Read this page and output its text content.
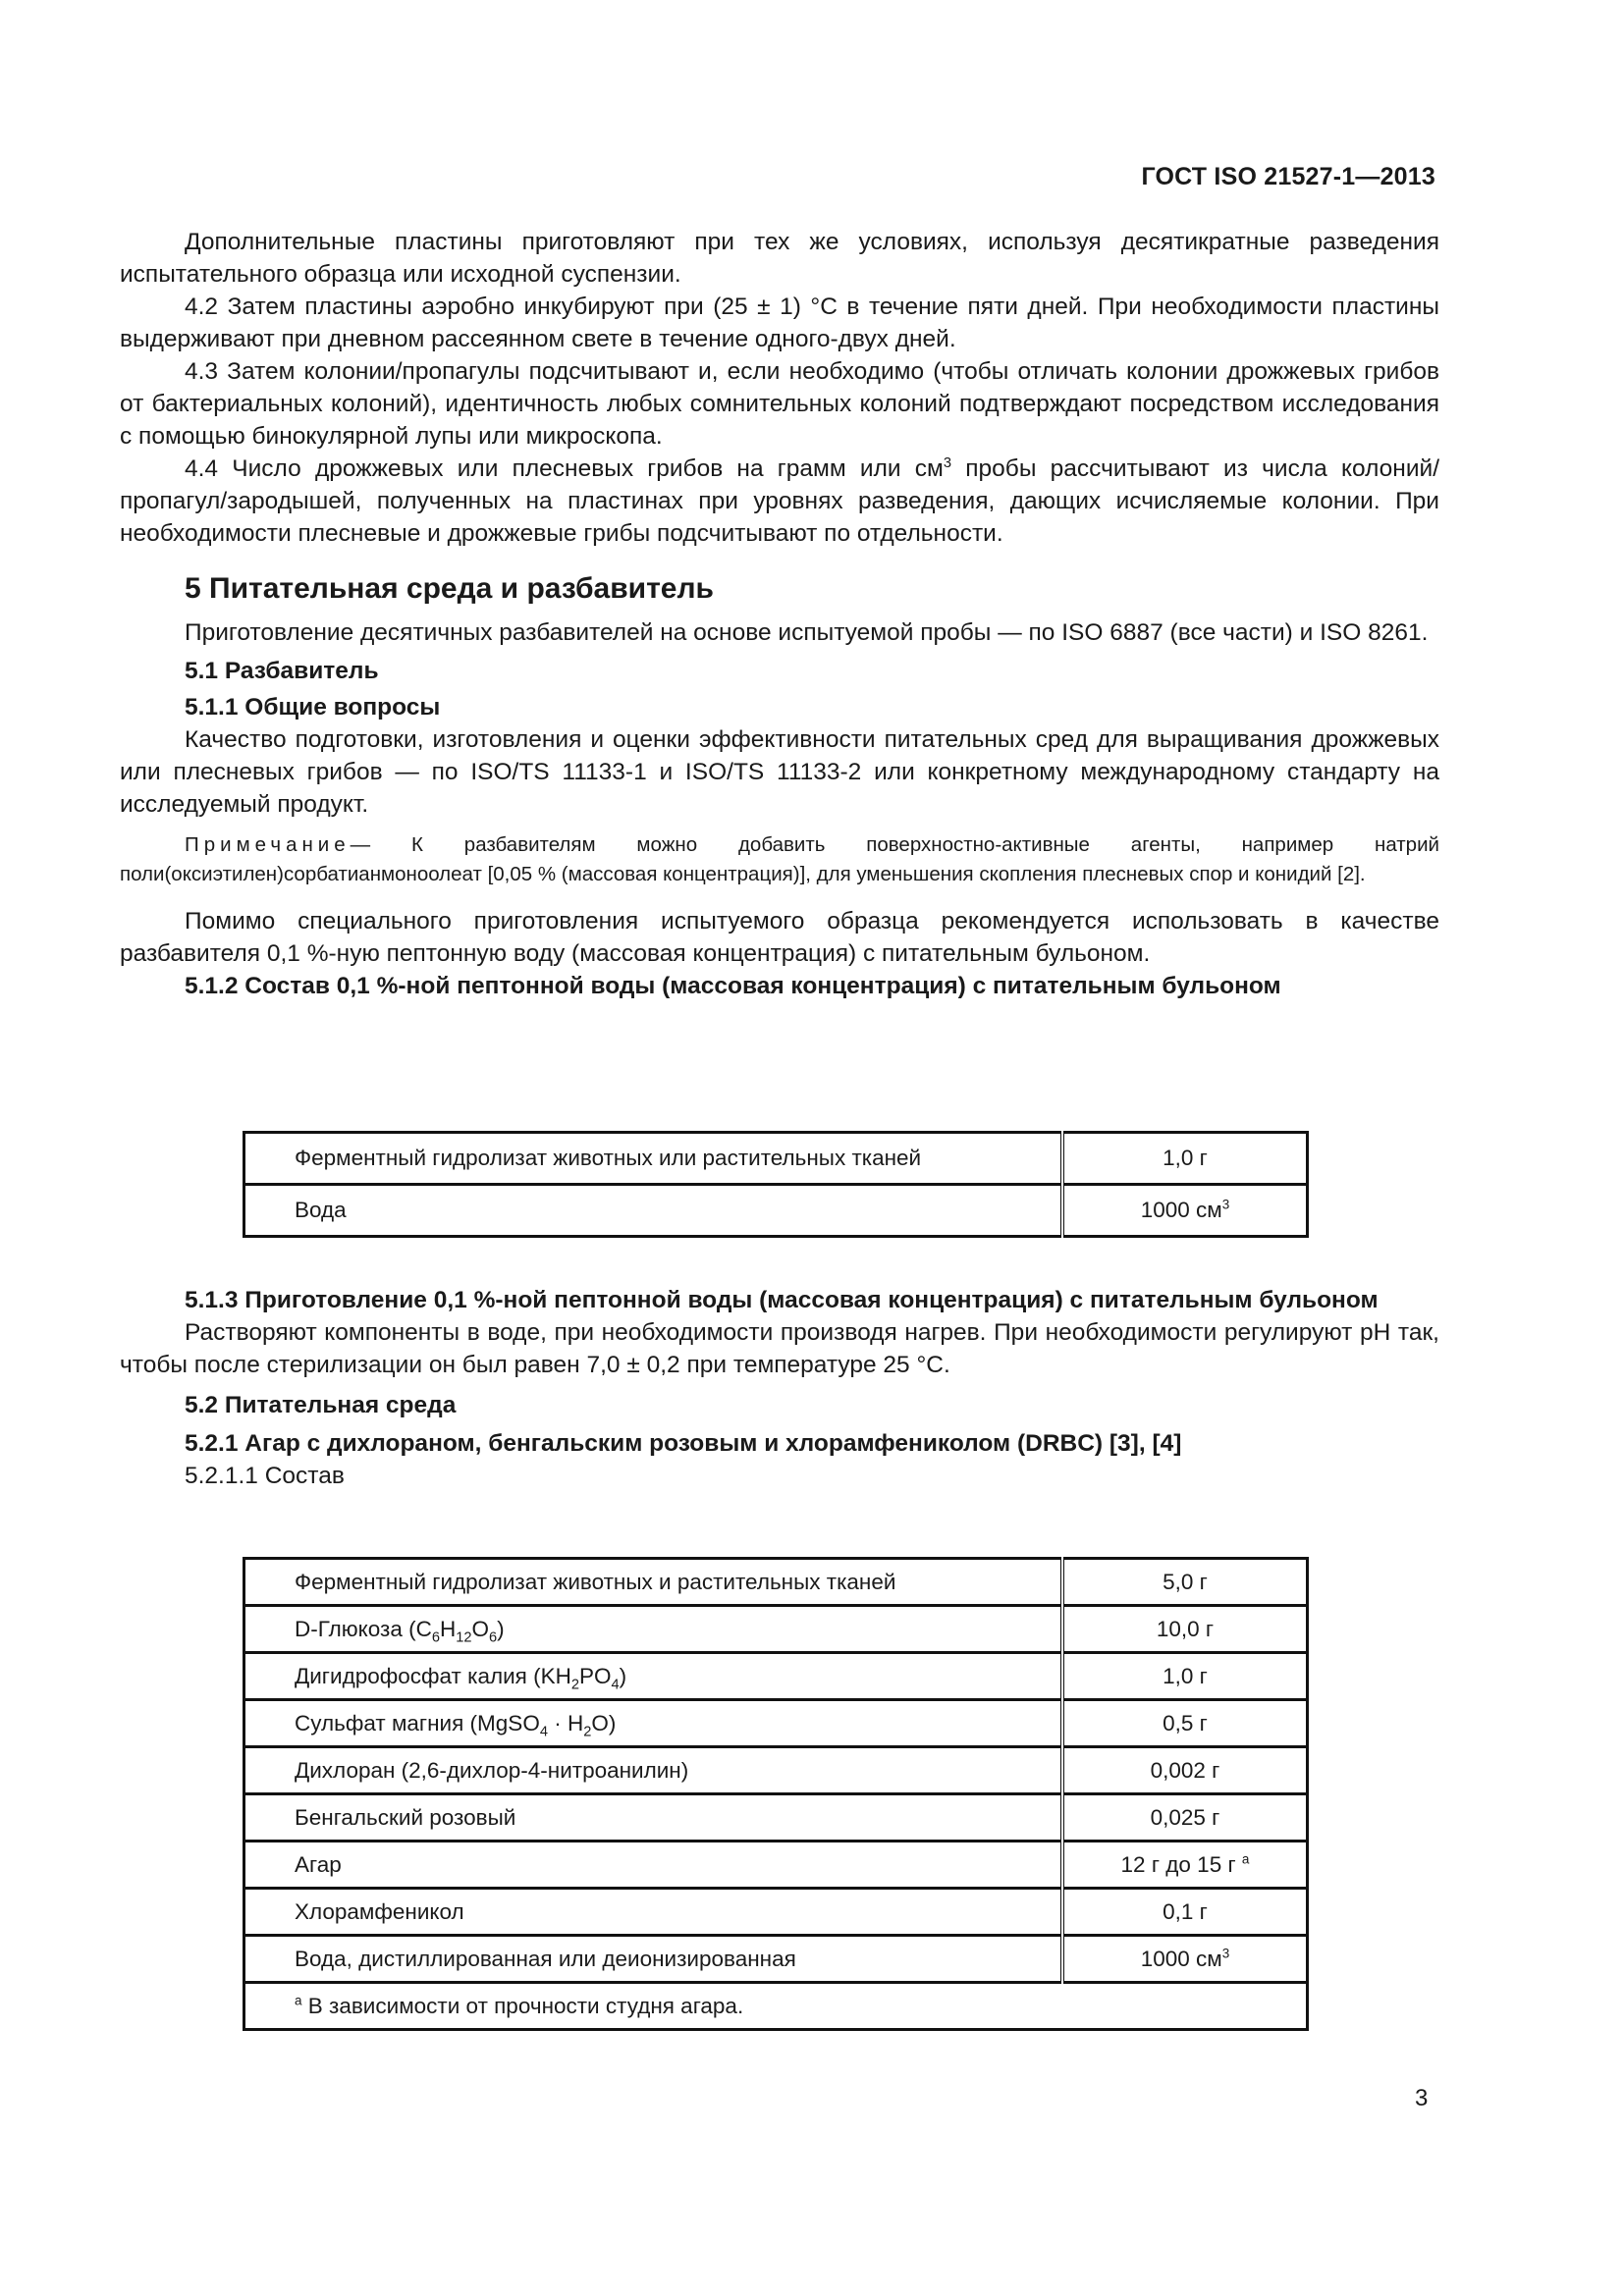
ГОСТ ISO 21527-1—2013

Дополнительные пластины приготовляют при тех же условиях, используя десятикратные разведения испытательного образца или исходной суспензии.

4.2 Затем пластины аэробно инкубируют при (25 ± 1) °С в течение пяти дней. При необходимости пластины выдерживают при дневном рассеянном свете в течение одного-двух дней.

4.3 Затем колонии/пропагулы подсчитывают и, если необходимо (чтобы отличать колонии дрожжевых грибов от бактериальных колоний), идентичность любых сомнительных колоний подтверждают посредством исследования с помощью бинокулярной лупы или микроскопа.

4.4 Число дрожжевых или плесневых грибов на грамм или $см^3$ пробы рассчитывают из числа колоний/пропагул/зародышей, полученных на пластинах при уровнях разведения, дающих исчисляемые колонии. При необходимости плесневые и дрожжевые грибы подсчитывают по отдельности.

5 Питательная среда и разбавитель

Приготовление десятичных разбавителей на основе испытуемой пробы — по ISO 6887 (все части) и ISO 8261.

5.1 Разбавитель
5.1.1 Общие вопросы

Качество подготовки, изготовления и оценки эффективности питательных сред для выращивания дрожжевых или плесневых грибов — по ISO/TS 11133-1 и ISO/TS 11133-2 или конкретному международному стандарту на исследуемый продукт.

Примечание— К разбавителям можно добавить поверхностно-активные агенты, например натрий поли(оксиэтилен)сорбатианмоноолеат [0,05 % (массовая концентрация)], для уменьшения скопления плесневых спор и конидий [2].

Помимо специального приготовления испытуемого образца рекомендуется использовать в качестве разбавителя 0,1 %-ную пептонную воду (массовая концентрация) с питательным бульоном.

5.1.2 Состав 0,1 %-ной пептонной воды (массовая концентрация) с питательным бульоном
Ферментный гидролизат животных или растительных тканей	1,0 г
Вода	1000 $см^3$
5.1.3 Приготовление 0,1 %-ной пептонной воды (массовая концентрация) с питательным бульоном

Растворяют компоненты в воде, при необходимости производя нагрев. При необходимости регулируют pH так, чтобы после стерилизации он был равен 7,0 ± 0,2 при температуре 25 °С.

5.2 Питательная среда
5.2.1 Агар с дихлораном, бенгальским розовым и хлорамфениколом (DRBC) [3], [4]
5.2.1.1 Состав
Ферментный гидролизат животных и растительных тканей	5,0 г
D-Глюкоза $(C_6H_{12}O_6)$	10,0 г
Дигидрофосфат калия $(KH_2PO_4)$	1,0 г
Сульфат магния (MgSO$_4$ · $H_2O$)	0,5 г
Дихлоран (2,6-дихлор-4-нитроанилин)	0,002 г
Бенгальский розовый	0,025 г
Агар	12 г до 15 г $^a$
Хлорамфеникол	0,1 г
Вода, дистиллированная или деионизированная	1000 $см^3$
$^a$ В зависимости от прочности студня агара.	
3
